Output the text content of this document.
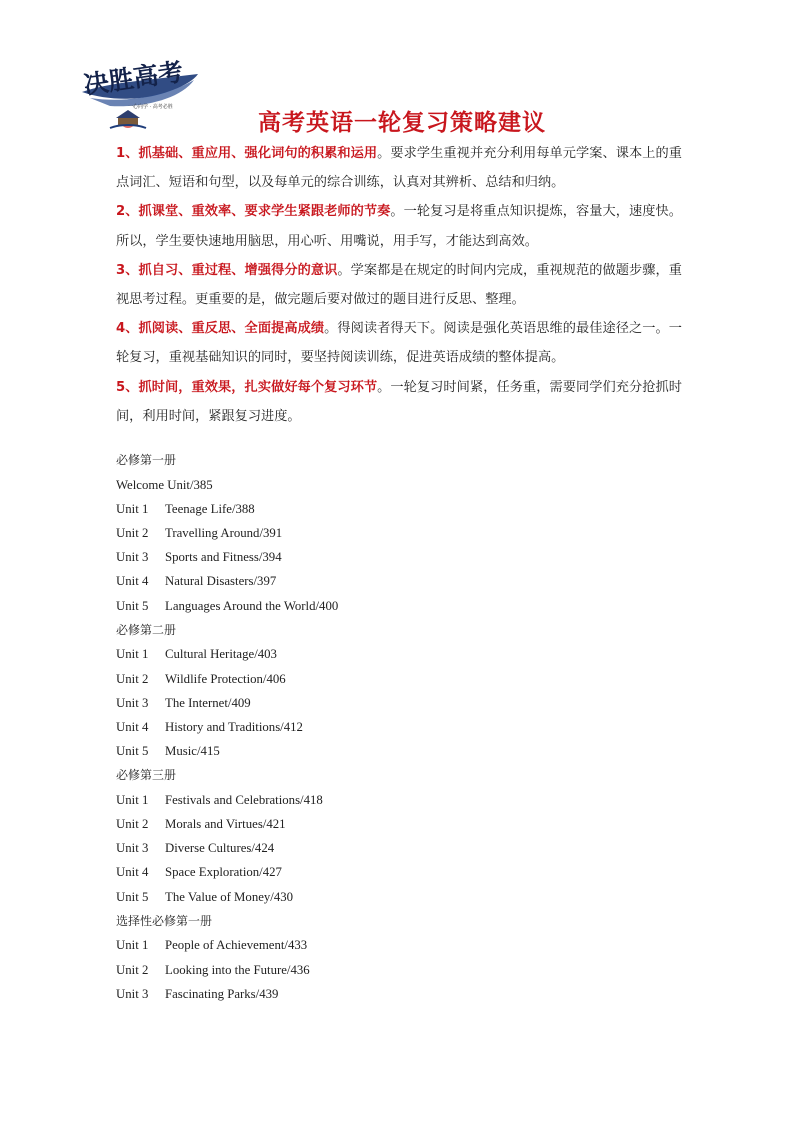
决胜高考
一心向学 · 高考必胜
高考英语一轮复习策略建议

1、抓基础、重应用、强化词句的积累和运用。要求学生重视并充分利用每单元学案、课本上的重点词汇、短语和句型，以及每单元的综合训练，认真对其辨析、总结和归纳。

2、抓课堂、重效率、要求学生紧跟老师的节奏。一轮复习是将重点知识提炼，容量大，速度快。所以，学生要快速地用脑思，用心听、用嘴说，用手写，才能达到高效。

3、抓自习、重过程、增强得分的意识。学案都是在规定的时间内完成，重视规范的做题步骤，重视思考过程。更重要的是，做完题后要对做过的题目进行反思、整理。

4、抓阅读、重反思、全面提高成绩。得阅读者得天下。阅读是强化英语思维的最佳途径之一。一轮复习，重视基础知识的同时，要坚持阅读训练，促进英语成绩的整体提高。

5、抓时间，重效果，扎实做好每个复习环节。一轮复习时间紧，任务重，需要同学们充分抢抓时间，利用时间，紧跟复习进度。

必修第一册
Welcome Unit/385
Unit 1 Teenage Life/388
Unit 2 Travelling Around/391
Unit 3 Sports and Fitness/394
Unit 4 Natural Disasters/397
Unit 5 Languages Around the World/400
必修第二册
Unit 1 Cultural Heritage/403
Unit 2 Wildlife Protection/406
Unit 3 The Internet/409
Unit 4 History and Traditions/412
Unit 5 Music/415
必修第三册
Unit 1 Festivals and Celebrations/418
Unit 2 Morals and Virtues/421
Unit 3 Diverse Cultures/424
Unit 4 Space Exploration/427
Unit 5 The Value of Money/430
选择性必修第一册
Unit 1 People of Achievement/433
Unit 2 Looking into the Future/436
Unit 3 Fascinating Parks/439
